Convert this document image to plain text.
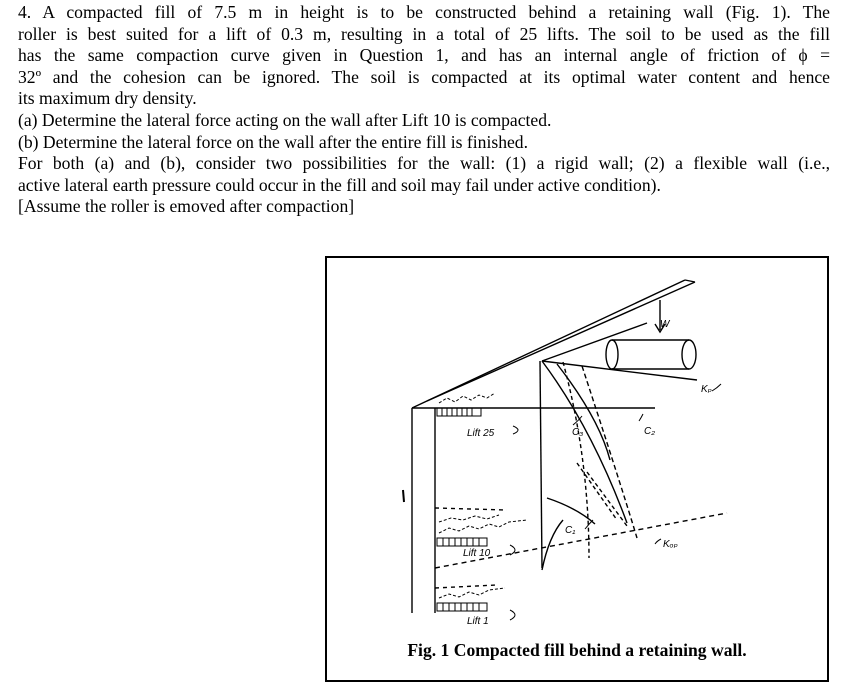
4. A compacted fill of 7.5 m in height is to be constructed behind a retaining wall (Fig. 1). The

roller is best suited for a lift of 0.3 m, resulting in a total of 25 lifts. The soil to be used as the fill

has the same compaction curve given in Question 1, and has an internal angle of friction of ϕ =

32º and the cohesion can be ignored. The soil is compacted at its optimal water content and hence

its maximum dry density.

(a) Determine the lateral force acting on the wall after Lift 10 is compacted.

(b) Determine the lateral force on the wall after the entire fill is finished.

For both (a) and (b), consider two possibilities for the wall: (1) a rigid wall; (2) a flexible wall (i.e.,

active lateral earth pressure could occur in the fill and soil may fail under active condition).

[Assume the roller is emoved after compaction]

W
Kₚ
C₃	C₂
C₁
Kₒₚ
Lift 25
Lift 10
Lift 1
Fig. 1 Compacted fill behind a retaining wall.
